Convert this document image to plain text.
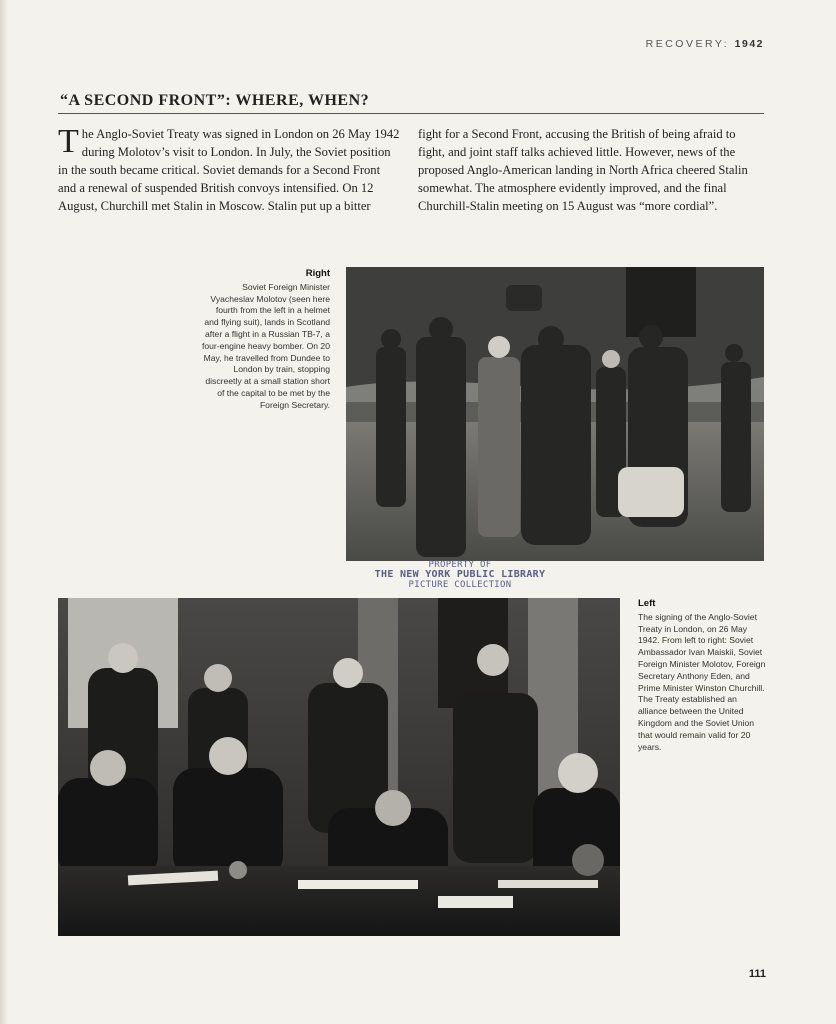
RECOVERY: 1942
“A SECOND FRONT”: WHERE, WHEN?
T he Anglo-Soviet Treaty was signed in London on 26 May 1942 during Molotov’s visit to London. In July, the Soviet position in the south became critical. Soviet demands for a Second Front and a renewal of suspended British convoys intensified. On 12 August, Churchill met Stalin in Moscow. Stalin put up a bitter
fight for a Second Front, accusing the British of being afraid to fight, and joint staff talks achieved little. However, news of the proposed Anglo-American landing in North Africa cheered Stalin somewhat. The atmosphere evidently improved, and the final Churchill-Stalin meeting on 15 August was “more cordial”.
Right
Soviet Foreign Minister Vyacheslav Molotov (seen here fourth from the left in a helmet and flying suit), lands in Scotland after a flight in a Russian TB-7, a four-engine heavy bomber. On 20 May, he travelled from Dundee to London by train, stopping discreetly at a small station short of the capital to be met by the Foreign Secretary.
PROPERTY OF
THE NEW YORK PUBLIC LIBRARY
PICTURE COLLECTION
Left
The signing of the Anglo-Soviet Treaty in London, on 26 May 1942. From left to right: Soviet Ambassador Ivan Maiskii, Soviet Foreign Minister Molotov, Foreign Secretary Anthony Eden, and Prime Minister Winston Churchill. The Treaty established an alliance between the United Kingdom and the Soviet Union that would remain valid for 20 years.
111
